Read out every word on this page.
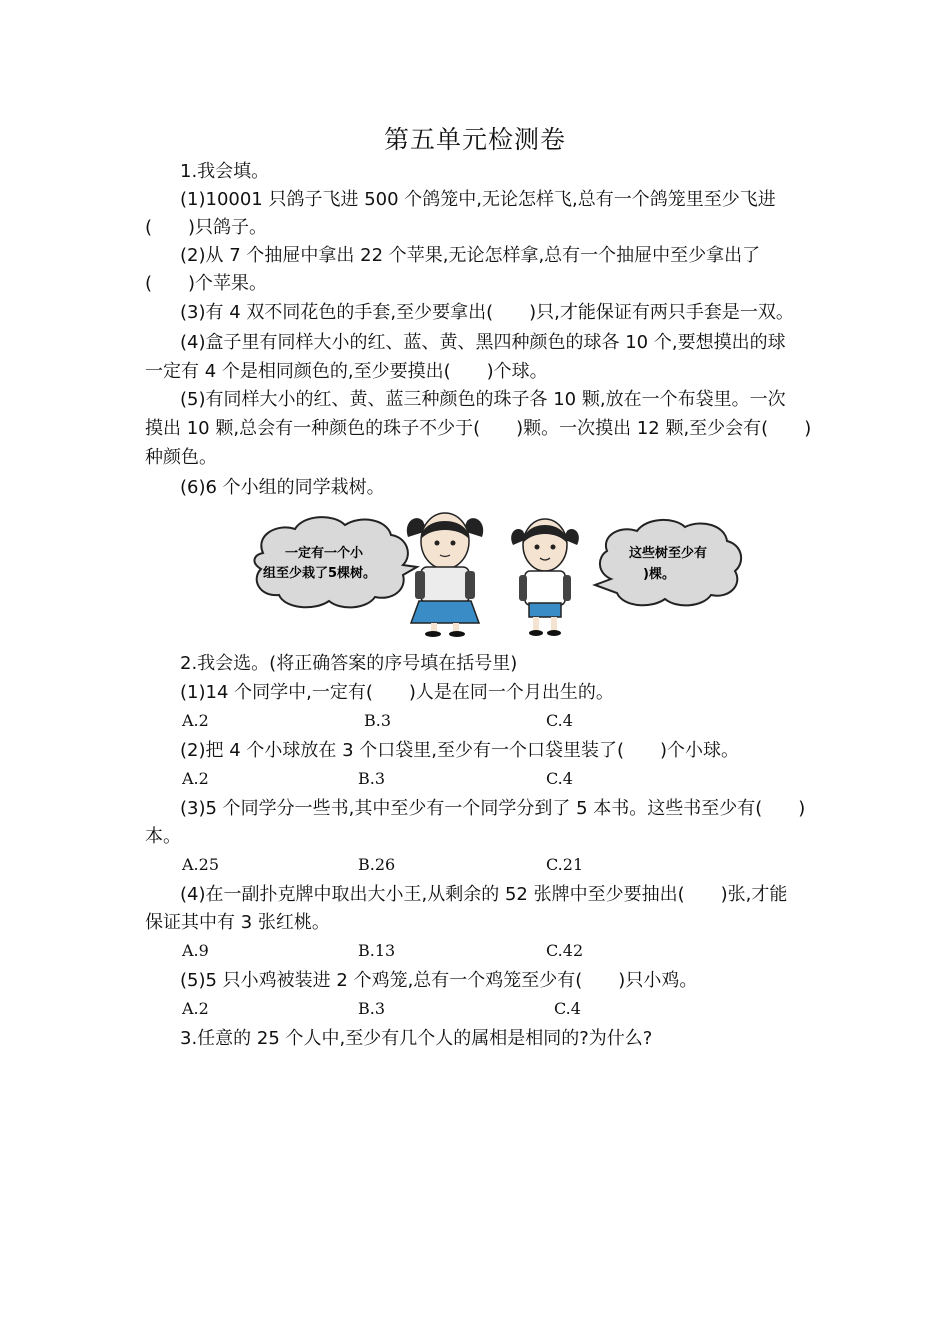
第五单元检测卷
1.我会填。
(1)10001 只鸽子飞进 500 个鸽笼中,无论怎样飞,总有一个鸽笼里至少飞进
(　　)只鸽子。
(2)从 7 个抽屉中拿出 22 个苹果,无论怎样拿,总有一个抽屉中至少拿出了
(　　)个苹果。
(3)有 4 双不同花色的手套,至少要拿出(　　)只,才能保证有两只手套是一双。
(4)盒子里有同样大小的红、蓝、黄、黑四种颜色的球各 10 个,要想摸出的球
一定有 4 个是相同颜色的,至少要摸出(　　)个球。
(5)有同样大小的红、黄、蓝三种颜色的珠子各 10 颗,放在一个布袋里。一次
摸出 10 颗,总会有一种颜色的珠子不少于(　　)颗。一次摸出 12 颗,至少会有(　　)
种颜色。
(6)6 个小组的同学栽树。
一定有一个小
组至少栽了5棵树。
这些树至少有
)棵。
2.我会选。(将正确答案的序号填在括号里)
(1)14 个同学中,一定有(　　)人是在同一个月出生的。
A.2	B.3	C.4
(2)把 4 个小球放在 3 个口袋里,至少有一个口袋里装了(　　)个小球。
A.2	B.3	C.4
(3)5 个同学分一些书,其中至少有一个同学分到了 5 本书。这些书至少有(　　)
本。
A.25	B.26	C.21
(4)在一副扑克牌中取出大小王,从剩余的 52 张牌中至少要抽出(　　)张,才能
保证其中有 3 张红桃。
A.9	B.13	C.42
(5)5 只小鸡被装进 2 个鸡笼,总有一个鸡笼至少有(　　)只小鸡。
A.2	B.3	C.4
3.任意的 25 个人中,至少有几个人的属相是相同的?为什么?
